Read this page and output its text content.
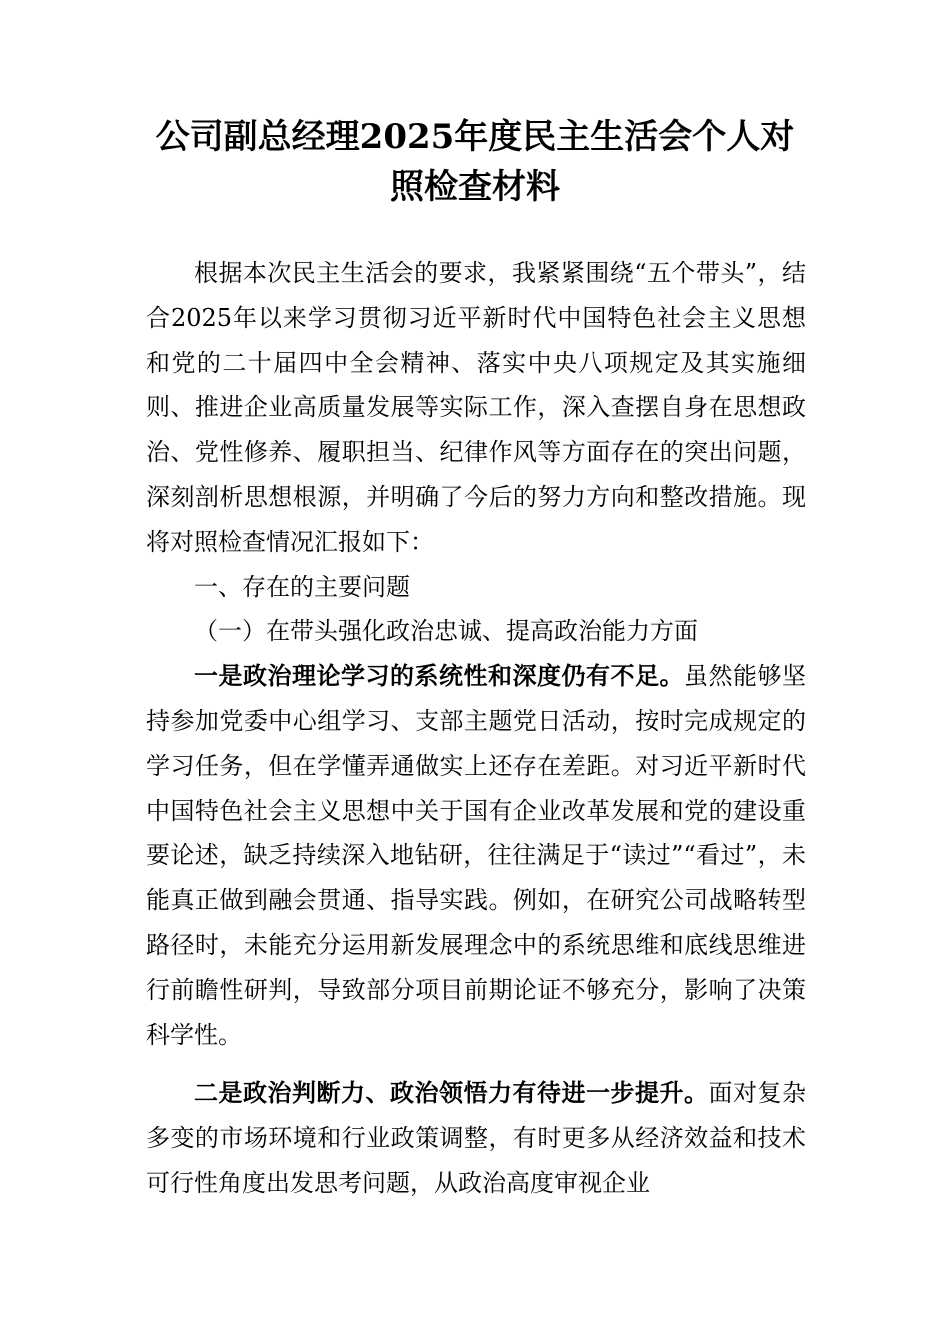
公司副总经理2025年度民主生活会个人对
照检查材料

根据本次民主生活会的要求，我紧紧围绕“五个带头”，结合2025年以来学习贯彻习近平新时代中国特色社会主义思想和党的二十届四中全会精神、落实中央八项规定及其实施细则、推进企业高质量发展等实际工作，深入查摆自身在思想政治、党性修养、履职担当、纪律作风等方面存在的突出问题，深刻剖析思想根源，并明确了今后的努力方向和整改措施。现将对照检查情况汇报如下：

一、存在的主要问题

（一）在带头强化政治忠诚、提高政治能力方面

一是政治理论学习的系统性和深度仍有不足。虽然能够坚持参加党委中心组学习、支部主题党日活动，按时完成规定的学习任务，但在学懂弄通做实上还存在差距。对习近平新时代中国特色社会主义思想中关于国有企业改革发展和党的建设重要论述，缺乏持续深入地钻研，往往满足于“读过”“看过”，未能真正做到融会贯通、指导实践。例如，在研究公司战略转型路径时，未能充分运用新发展理念中的系统思维和底线思维进行前瞻性研判，导致部分项目前期论证不够充分，影响了决策科学性。

二是政治判断力、政治领悟力有待进一步提升。面对复杂多变的市场环境和行业政策调整，有时更多从经济效益和技术可行性角度出发思考问题，从政治高度审视企业
